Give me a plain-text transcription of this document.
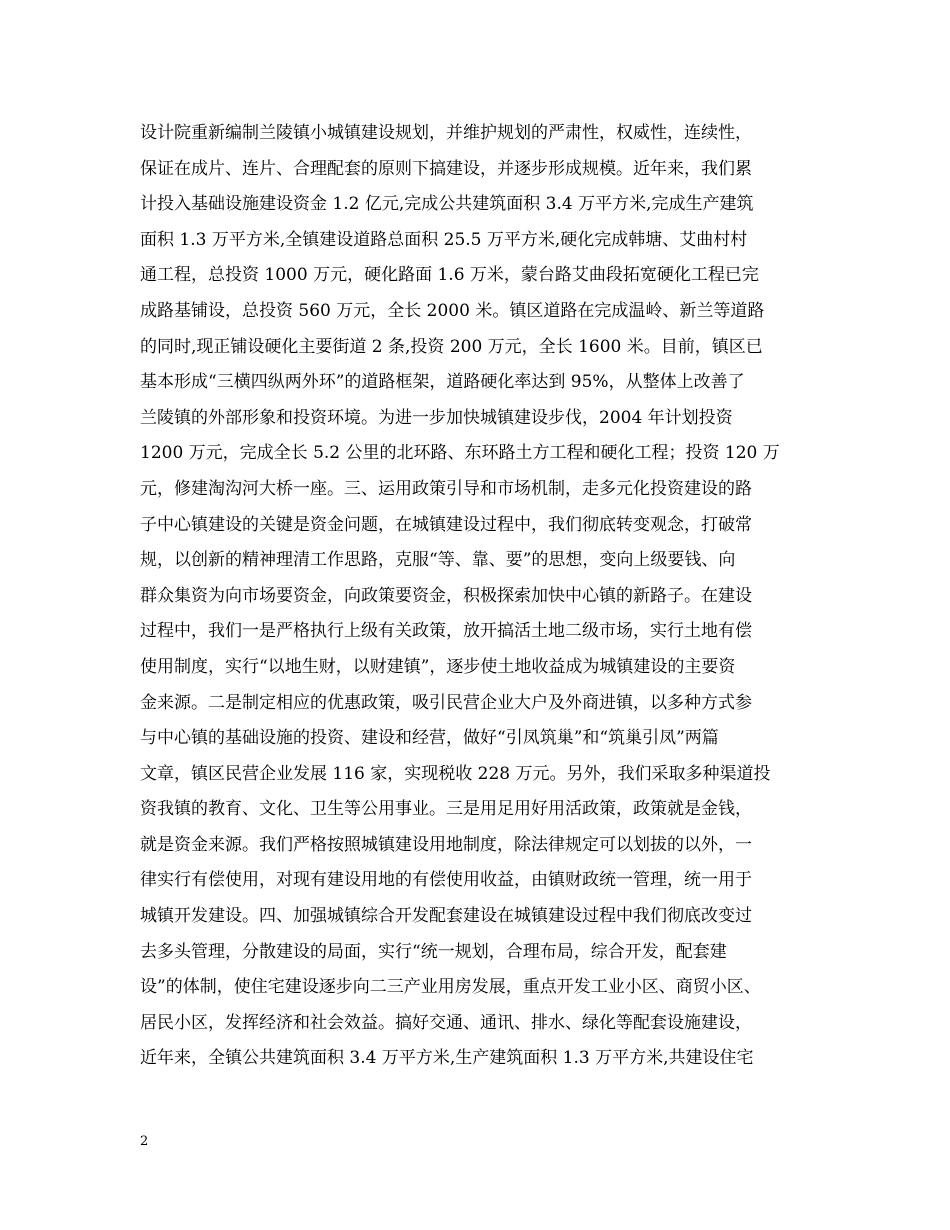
设计院重新编制兰陵镇小城镇建设规划，并维护规划的严肃性，权威性，连续性，
保证在成片、连片、合理配套的原则下搞建设，并逐步形成规模。近年来，我们累
计投入基础设施建设资金 1.2 亿元,完成公共建筑面积 3.4 万平方米,完成生产建筑
面积 1.3 万平方米,全镇建设道路总面积 25.5 万平方米,硬化完成韩塘、艾曲村村
通工程，总投资 1000 万元，硬化路面 1.6 万米，蒙台路艾曲段拓宽硬化工程已完
成路基铺设，总投资 560 万元，全长 2000 米。镇区道路在完成温岭、新兰等道路
的同时,现正铺设硬化主要街道 2 条,投资 200 万元，全长 1600 米。目前，镇区已
基本形成“三横四纵两外环”的道路框架，道路硬化率达到 95%，从整体上改善了
兰陵镇的外部形象和投资环境。为进一步加快城镇建设步伐，2004 年计划投资
1200 万元，完成全长 5.2 公里的北环路、东环路土方工程和硬化工程；投资 120 万
元，修建淘沟河大桥一座。三、运用政策引导和市场机制，走多元化投资建设的路
子中心镇建设的关键是资金问题，在城镇建设过程中，我们彻底转变观念，打破常
规，以创新的精神理清工作思路，克服“等、靠、要”的思想，变向上级要钱、向
群众集资为向市场要资金，向政策要资金，积极探索加快中心镇的新路子。在建设
过程中，我们一是严格执行上级有关政策，放开搞活土地二级市场，实行土地有偿
使用制度，实行“以地生财，以财建镇”，逐步使土地收益成为城镇建设的主要资
金来源。二是制定相应的优惠政策，吸引民营企业大户及外商进镇，以多种方式参
与中心镇的基础设施的投资、建设和经营，做好“引凤筑巢”和“筑巢引凤”两篇
文章，镇区民营企业发展 116 家，实现税收 228 万元。另外，我们采取多种渠道投
资我镇的教育、文化、卫生等公用事业。三是用足用好用活政策，政策就是金钱，
就是资金来源。我们严格按照城镇建设用地制度，除法律规定可以划拔的以外，一
律实行有偿使用，对现有建设用地的有偿使用收益，由镇财政统一管理，统一用于
城镇开发建设。四、加强城镇综合开发配套建设在城镇建设过程中我们彻底改变过
去多头管理，分散建设的局面，实行“统一规划，合理布局，综合开发，配套建
设”的体制，使住宅建设逐步向二三产业用房发展，重点开发工业小区、商贸小区、
居民小区，发挥经济和社会效益。搞好交通、通讯、排水、绿化等配套设施建设，
近年来，全镇公共建筑面积 3.4 万平方米,生产建筑面积 1.3 万平方米,共建设住宅
2
